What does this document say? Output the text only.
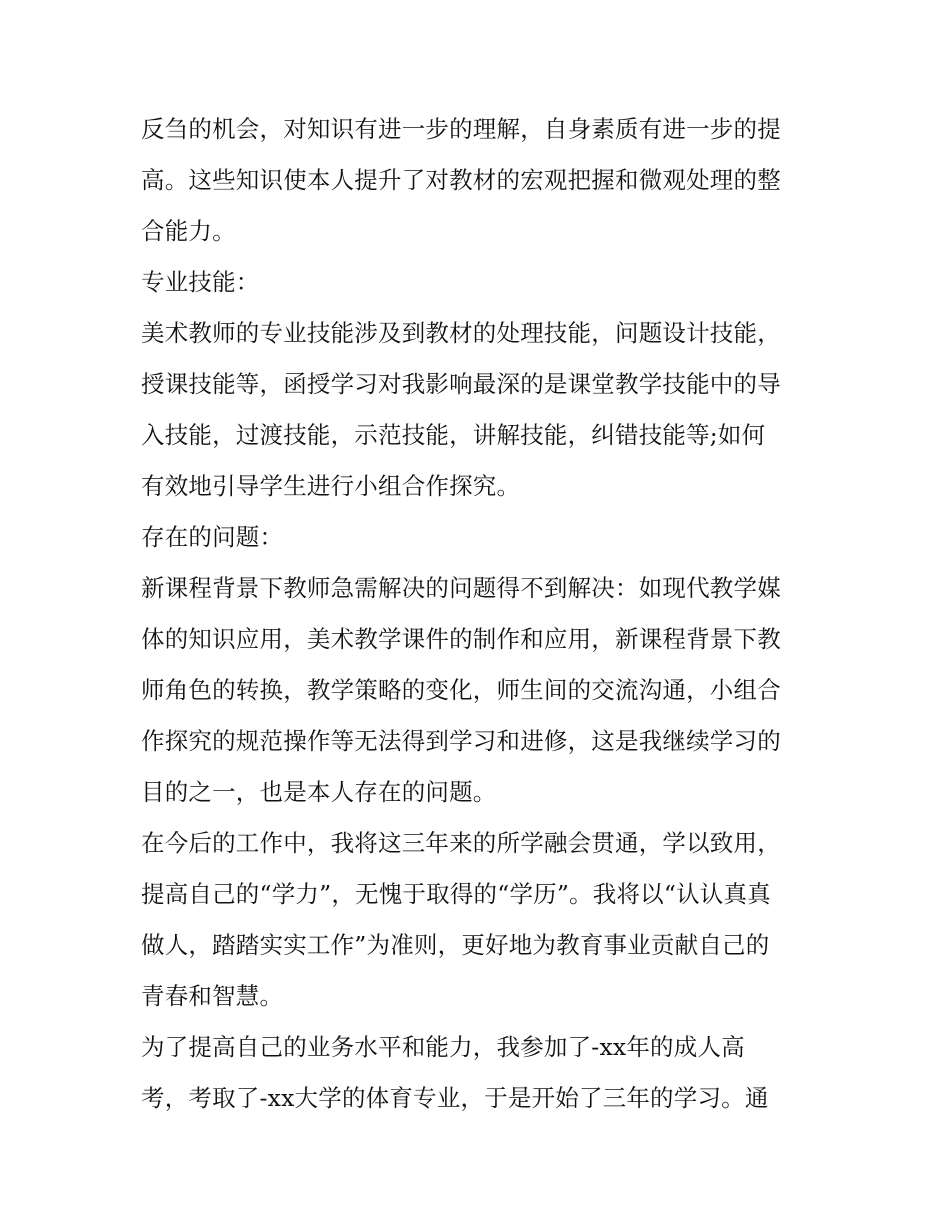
反刍的机会，对知识有进一步的理解，自身素质有进一步的提
高。这些知识使本人提升了对教材的宏观把握和微观处理的整
合能力。
专业技能：
美术教师的专业技能涉及到教材的处理技能，问题设计技能，
授课技能等，函授学习对我影响最深的是课堂教学技能中的导
入技能，过渡技能，示范技能，讲解技能，纠错技能等;如何
有效地引导学生进行小组合作探究。
存在的问题：
新课程背景下教师急需解决的问题得不到解决：如现代教学媒
体的知识应用，美术教学课件的制作和应用，新课程背景下教
师角色的转换，教学策略的变化，师生间的交流沟通，小组合
作探究的规范操作等无法得到学习和进修，这是我继续学习的
目的之一，也是本人存在的问题。
在今后的工作中，我将这三年来的所学融会贯通，学以致用，
提高自己的“学力”，无愧于取得的“学历”。我将以“认认真真
做人，踏踏实实工作”为准则，更好地为教育事业贡献自己的
青春和智慧。
为了提高自己的业务水平和能力，我参加了-xx年的成人高
考，考取了-xx大学的体育专业，于是开始了三年的学习。通
